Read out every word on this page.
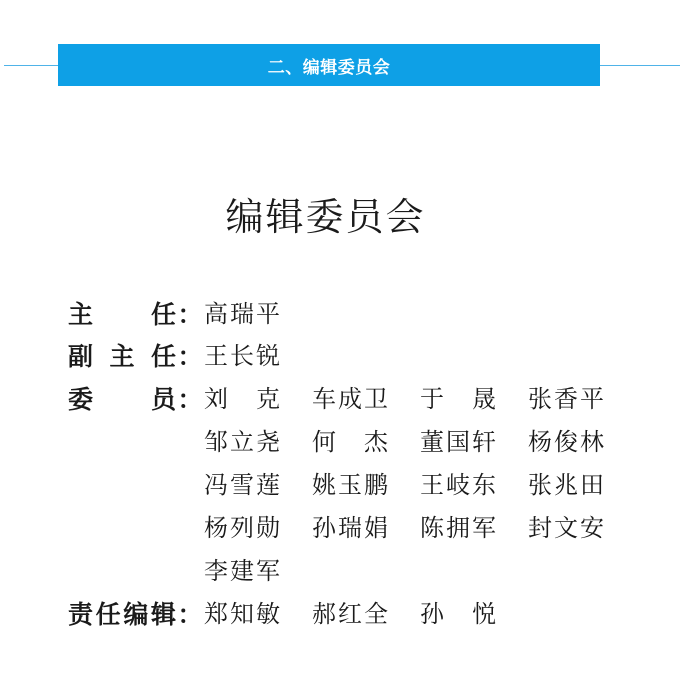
二、编辑委员会
编辑委员会
主 任 ： 高 瑞 平
副 主 任 ： 王 长 锐
委 员 ： 刘 克 车 成 卫 于 晟 张 香 平
邹 立 尧 何 杰 董 国 轩 杨 俊 林
冯 雪 莲 姚 玉 鹏 王 岐 东 张 兆 田
杨 列 勋 孙 瑞 娟 陈 拥 军 封 文 安
李 建 军
责 任 编 辑 ： 郑 知 敏 郝 红 全 孙 悦
